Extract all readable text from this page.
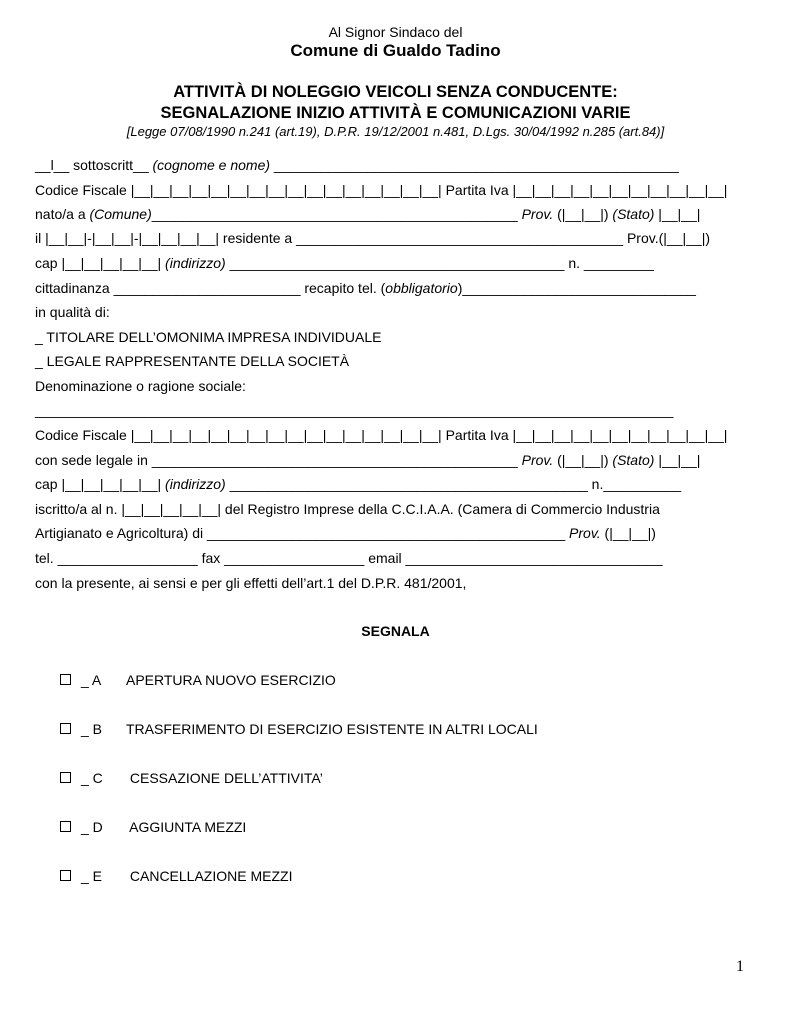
Al Signor Sindaco del
Comune di Gualdo Tadino
ATTIVITÀ DI NOLEGGIO VEICOLI SENZA CONDUCENTE:
SEGNALAZIONE INIZIO ATTIVITÀ E COMUNICAZIONI VARIE
[Legge 07/08/1990 n.241 (art.19), D.P.R. 19/12/2001 n.481, D.Lgs. 30/04/1992 n.285 (art.84)]
__l__ sottoscritt__ (cognome e nome) ____________________________________________________
Codice Fiscale |__|__|__|__|__|__|__|__|__|__|__|__|__|__|__|__| Partita Iva |__|__|__|__|__|__|__|__|__|__|__|
nato/a a (Comune)_______________________________________________ Prov. (|__|__|) (Stato) |__|__|
il |__|__|-|__|__|-|__|__|__|__| residente a __________________________________________ Prov.(|__|__|)
cap |__|__|__|__|__| (indirizzo) ___________________________________________ n. _________
cittadinanza ________________________ recapito tel. (obbligatorio)______________________________
in qualità di:
_ TITOLARE DELL’OMONIMA IMPRESA INDIVIDUALE
_ LEGALE RAPPRESENTANTE DELLA SOCIETÀ
Denominazione o ragione sociale:
__________________________________________________________________________________
Codice Fiscale |__|__|__|__|__|__|__|__|__|__|__|__|__|__|__|__| Partita Iva |__|__|__|__|__|__|__|__|__|__|__|
con sede legale in _______________________________________________ Prov. (|__|__|) (Stato) |__|__|
cap |__|__|__|__|__| (indirizzo) ______________________________________________ n.__________
iscritto/a al n. |__|__|__|__|__| del Registro Imprese della C.C.I.A.A. (Camera di Commercio Industria
Artigianato e Agricoltura) di ______________________________________________ Prov. (|__|__|)
tel. __________________ fax __________________ email _________________________________
con la presente, ai sensi e per gli effetti dell’art.1 del D.P.R. 481/2001,
SEGNALA
_ A APERTURA NUOVO ESERCIZIO
_ B TRASFERIMENTO DI ESERCIZIO ESISTENTE IN ALTRI LOCALI
_ C CESSAZIONE DELL’ATTIVITA’
_ D AGGIUNTA MEZZI
_ E CANCELLAZIONE MEZZI
1
